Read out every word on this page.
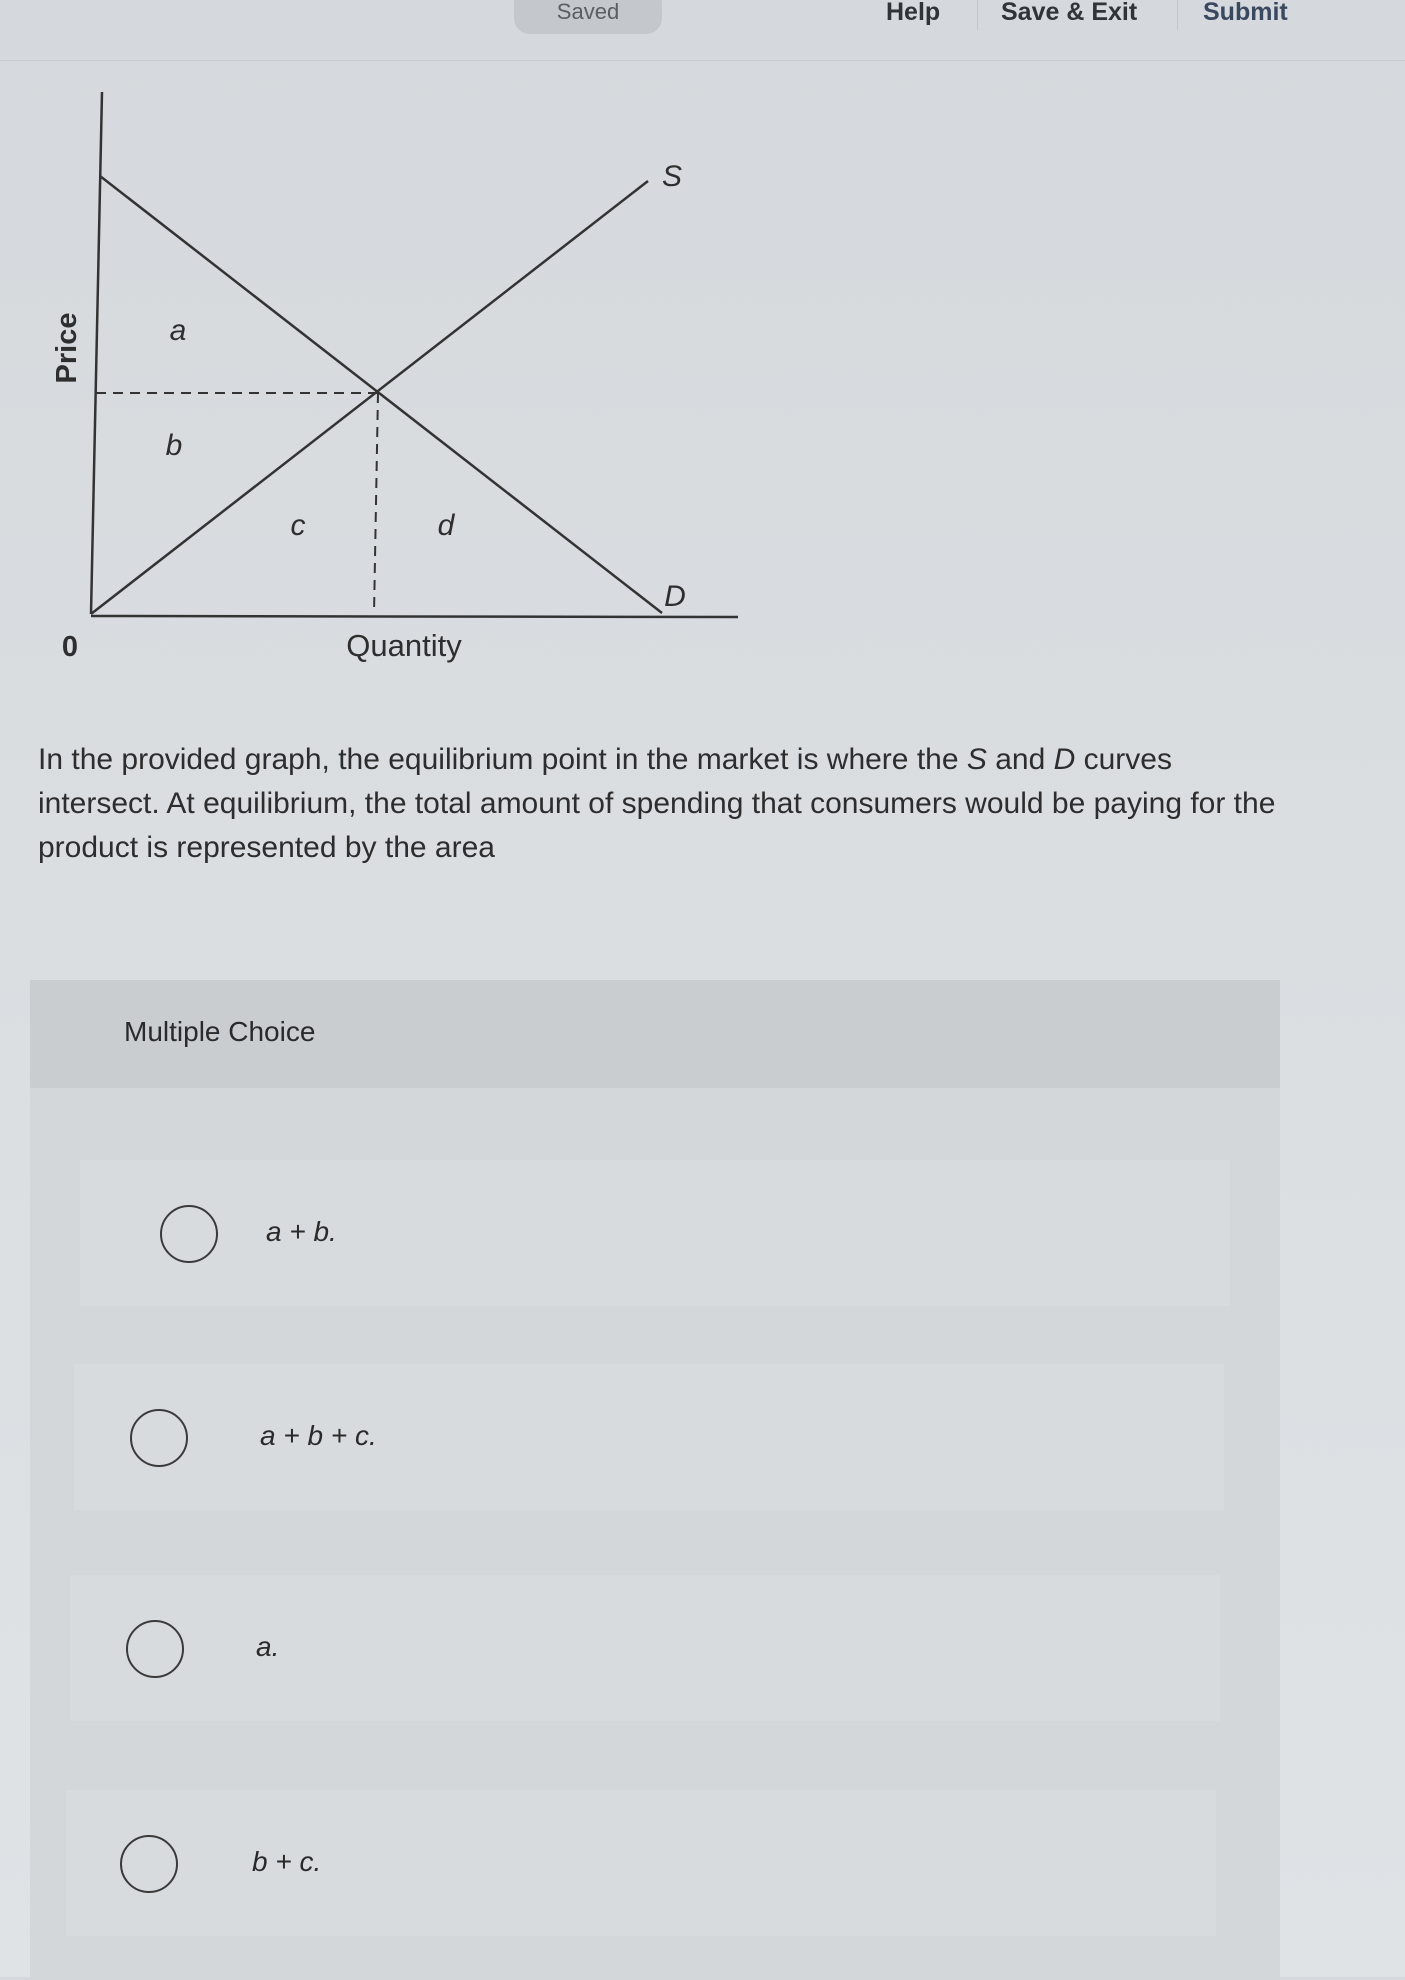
Saved	Help Save & Exit	Submit
Price
Quantity
0
S
D
a
b
c	d
In the provided graph, the equilibrium point in the market is where the S and D curves intersect. At equilibrium, the total amount of spending that consumers would be paying for the product is represented by the area
Multiple Choice
a + b.
a + b + c.
a.
b + c.
